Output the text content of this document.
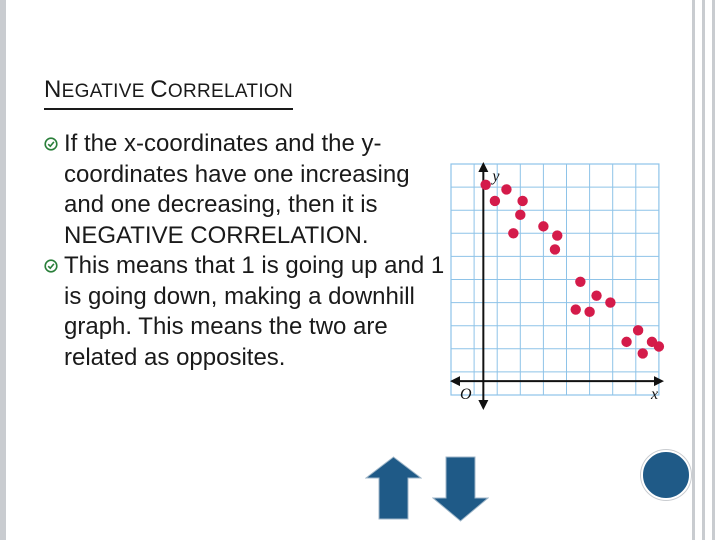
NEGATIVE CORRELATION
If the x-coordinates and the y-coordinates have one increasing and one decreasing, then it is NEGATIVE CORRELATION.
This means that 1 is going up and 1 is going down, making a downhill graph. This means the two are related as opposites.
y
x
O
